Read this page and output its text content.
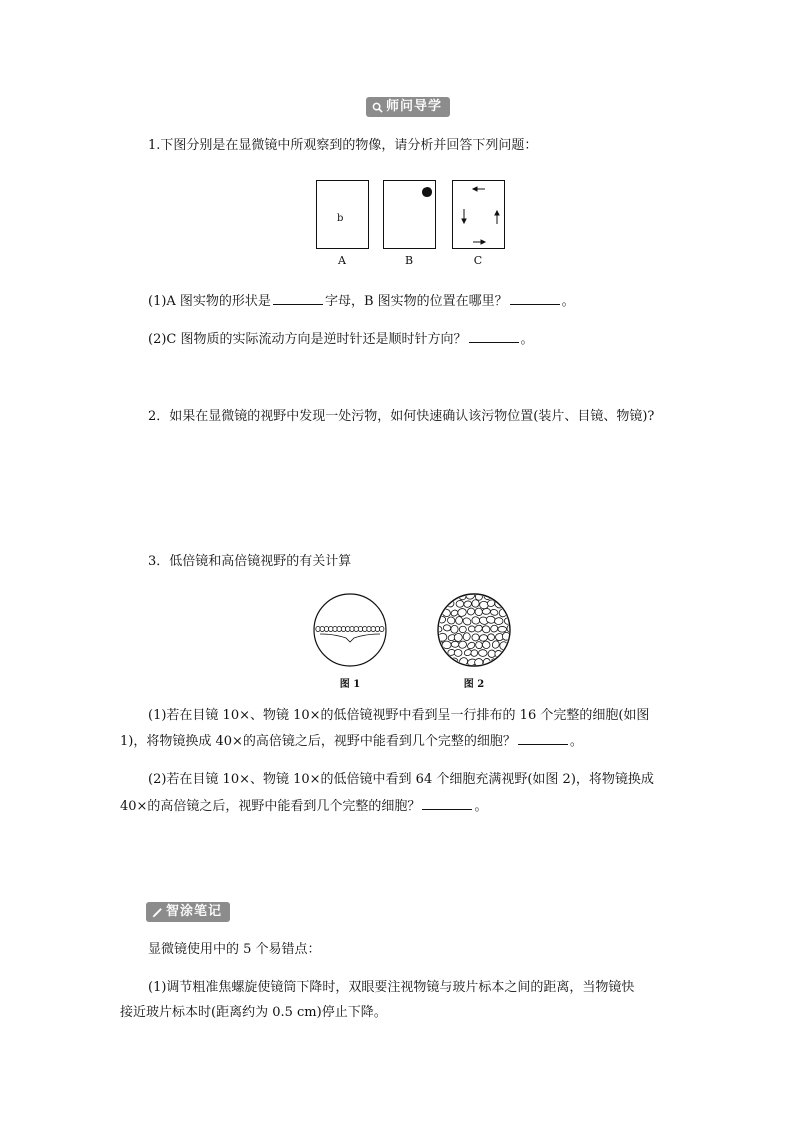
师问导学
1.下图分别是在显微镜中所观察到的物像，请分析并回答下列问题：
b
A	B	C
(1)A 图实物的形状是	字母，B 图实物的位置在哪里？	。
(2)C 图物质的实际流动方向是逆时针还是顺时针方向？	。
2．如果在显微镜的视野中发现一处污物，如何快速确认该污物位置(装片、目镜、物镜)?
3．低倍镜和高倍镜视野的有关计算
图 1	图 2
(1)若在目镜 10×、物镜 10×的低倍镜视野中看到呈一行排布的 16 个完整的细胞(如图
1)，将物镜换成 40×的高倍镜之后，视野中能看到几个完整的细胞？	。
(2)若在目镜 10×、物镜 10×的低倍镜中看到 64 个细胞充满视野(如图 2)，将物镜换成
40×的高倍镜之后，视野中能看到几个完整的细胞？	。
智涂笔记
显微镜使用中的 5 个易错点：
(1)调节粗准焦螺旋使镜筒下降时，双眼要注视物镜与玻片标本之间的距离，当物镜快
接近玻片标本时(距离约为 0.5 cm)停止下降。
